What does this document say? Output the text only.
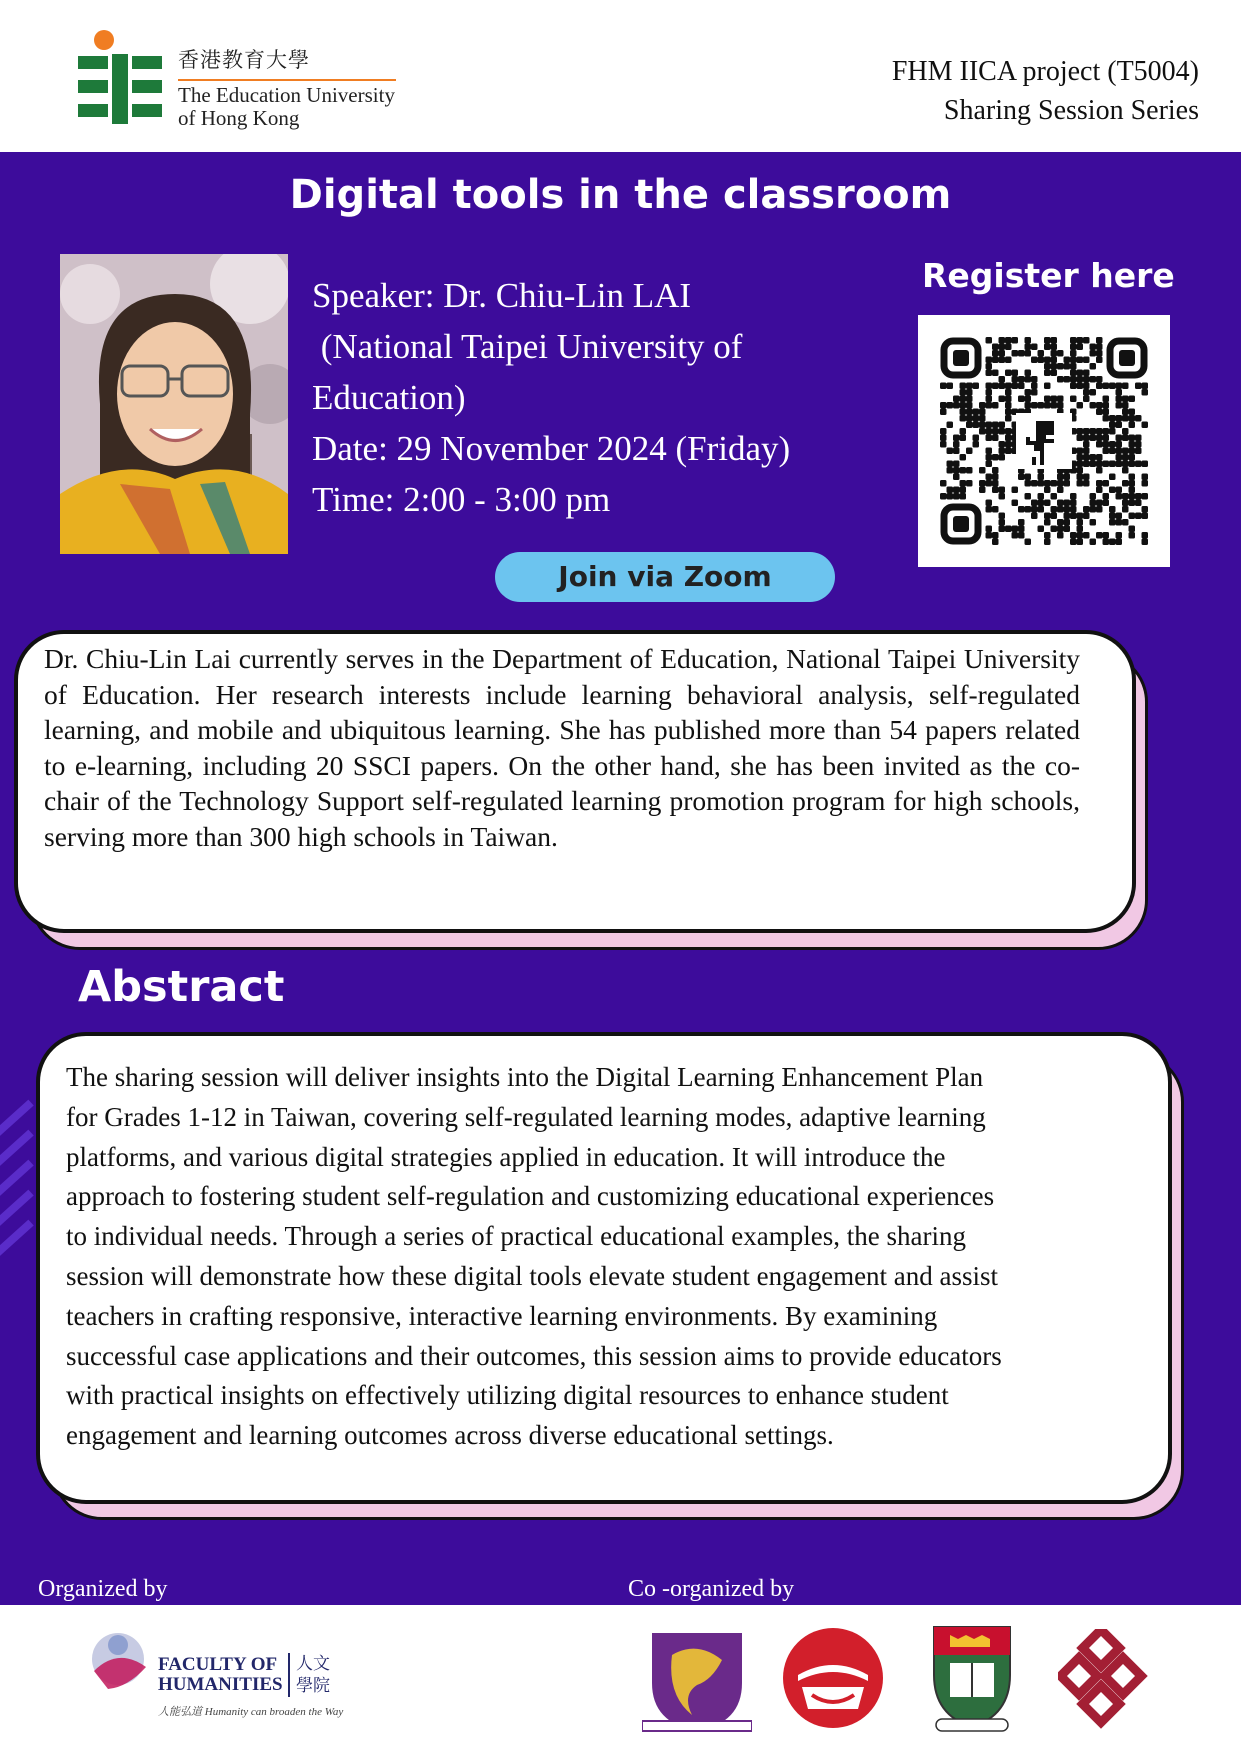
香港教育大學
The Education University
of Hong Kong
FHM IICA project (T5004)
Sharing Session Series
Digital tools in the classroom
Speaker: Dr. Chiu-Lin LAI
(National Taipei University of
Education)
Date: 29 November 2024 (Friday)
Time: 2:00 - 3:00 pm
Register here
Join via Zoom
Dr. Chiu-Lin Lai currently serves in the Department of Education, National Taipei University of Education. Her research interests include learning behavioral analysis, self-regulated learning, and mobile and ubiquitous learning. She has published more than 54 papers related to e-learning, including 20 SSCI papers. On the other hand, she has been invited as the co-chair of the Technology Support self-regulated learning promotion program for high schools, serving more than 300 high schools in Taiwan.
Abstract
The sharing session will deliver insights into the Digital Learning Enhancement Plan
for Grades 1-12 in Taiwan, covering self-regulated learning modes, adaptive learning
platforms, and various digital strategies applied in education. It will introduce the
approach to fostering student self-regulation and customizing educational experiences
to individual needs. Through a series of practical educational examples, the sharing
session will demonstrate how these digital tools elevate student engagement and assist
teachers in crafting responsive, interactive learning environments. By examining
successful case applications and their outcomes, this session aims to provide educators
with practical insights on effectively utilizing digital resources to enhance student
engagement and learning outcomes across diverse educational settings.
Organized by	Co -organized by
FACULTY OF
HUMANITIES
人文學院
人能弘道 Humanity can broaden the Way
